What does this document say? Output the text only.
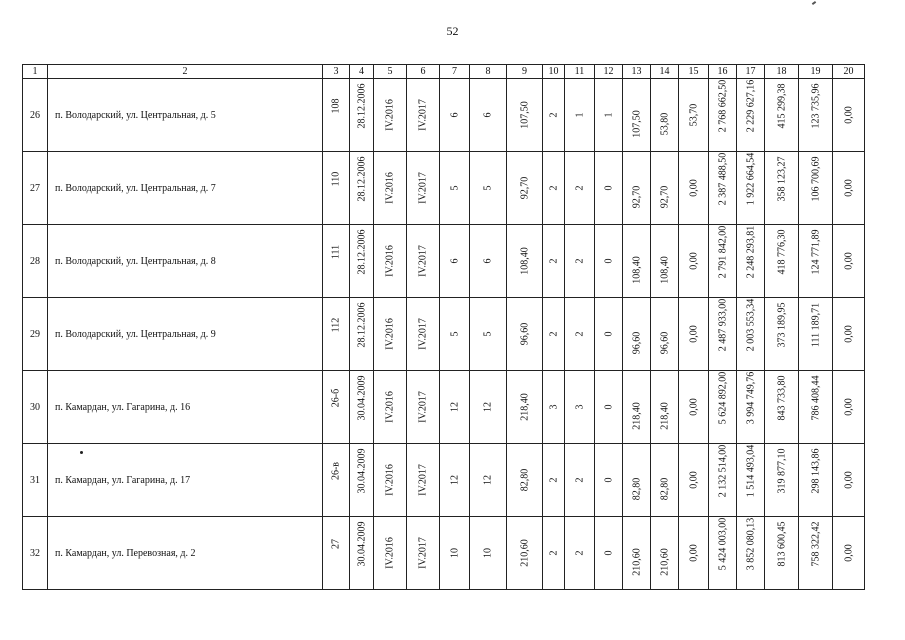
52
1	2	3	4	5	6	7	8	9	10	11	12	13	14	15	16	17	18	19	20
26	п. Володарский, ул. Центральная, д. 5	108	28.12.2006	IV.2016	IV.2017	6	6	107,50	2	1	1	107,50	53,80	53,70	2 768 662,50	2 229 627,16	415 299,38	123 735,96	0,00

27	п. Володарский, ул. Центральная, д. 7	110	28.12.2006	IV.2016	IV.2017	5	5	92,70	2	2	0	92,70	92,70	0,00	2 387 488,50	1 922 664,54	358 123,27	106 700,69	0,00

28	п. Володарский, ул. Центральная, д. 8	111	28.12.2006	IV.2016	IV.2017	6	6	108,40	2	2	0	108,40	108,40	0,00	2 791 842,00	2 248 293,81	418 776,30	124 771,89	0,00

29	п. Володарский, ул. Центральная, д. 9	112	28.12.2006	IV.2016	IV.2017	5	5	96,60	2	2	0	96,60	96,60	0,00	2 487 933,00	2 003 553,34	373 189,95	111 189,71	0,00

30	п. Камардан, ул. Гагарина, д. 16	26-б	30.04.2009	IV.2016	IV.2017	12	12	218,40	3	3	0	218,40	218,40	0,00	5 624 892,00	3 994 749,76	843 733,80	786 408,44	0,00

31	п. Камардан, ул. Гагарина, д. 17	26-в	30.04.2009	IV.2016	IV.2017	12	12	82,80	2	2	0	82,80	82,80	0,00	2 132 514,00	1 514 493,04	319 877,10	298 143,86	0,00

32	п. Камардан, ул. Перевозная, д. 2	27	30.04.2009	IV.2016	IV.2017	10	10	210,60	2	2	0	210,60	210,60	0,00	5 424 003,00	3 852 080,13	813 600,45	758 322,42	0,00
